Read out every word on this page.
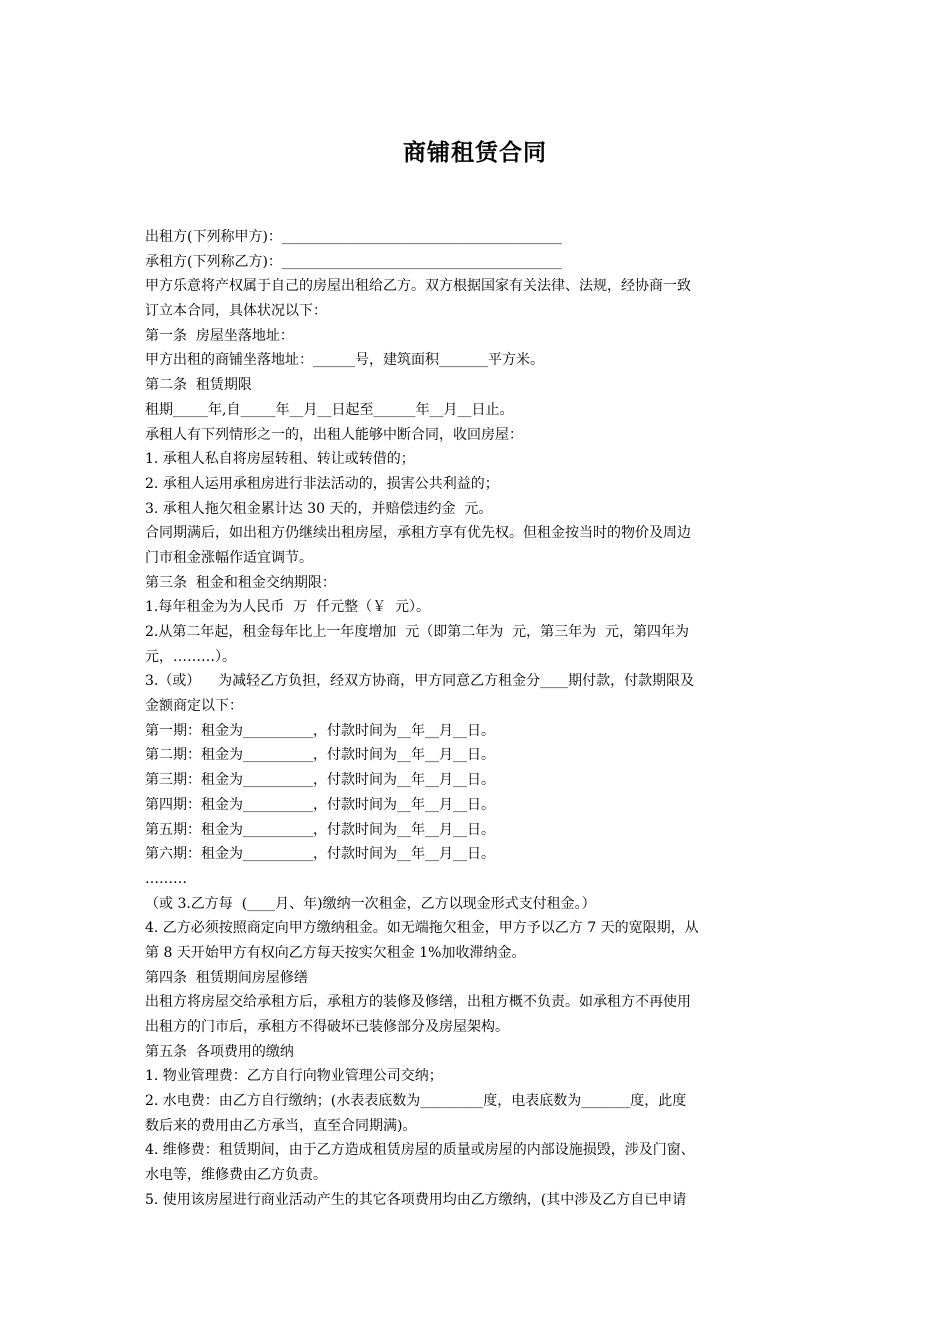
商铺租赁合同
出租方(下列称甲方)：________________________________________
承租方(下列称乙方)：________________________________________
甲方乐意将产权属于自己的房屋出租给乙方。双方根据国家有关法律、法规，经协商一致
订立本合同，具体状况以下：
第一条  房屋坐落地址：
甲方出租的商铺坐落地址：______号，建筑面积_______平方米。
第二条  租赁期限
租期_____年,自_____年__月__日起至______年__月__日止。
承租人有下列情形之一的，出租人能够中断合同，收回房屋：
1. 承租人私自将房屋转租、转让或转借的；
2. 承租人运用承租房进行非法活动的，损害公共利益的；
3. 承租人拖欠租金累计达 30 天的，并赔偿违约金  元。
合同期满后，如出租方仍继续出租房屋，承租方享有优先权。但租金按当时的物价及周边
门市租金涨幅作适宜调节。
第三条  租金和租金交纳期限：
1.每年租金为为人民币  万  仟元整（￥  元）。
2.从第二年起，租金每年比上一年度增加  元（即第二年为  元，第三年为  元，第四年为
元，………）。
3.（或）    为减轻乙方负担，经双方协商，甲方同意乙方租金分____期付款，付款期限及
金额商定以下：
第一期：租金为__________，付款时间为__年__月__日。
第二期：租金为__________，付款时间为__年__月__日。
第三期：租金为__________，付款时间为__年__月__日。
第四期：租金为__________，付款时间为__年__月__日。
第五期：租金为__________，付款时间为__年__月__日。
第六期：租金为__________，付款时间为__年__月__日。
………
（或 3.乙方每  (____月、年)缴纳一次租金，乙方以现金形式支付租金。）
4. 乙方必须按照商定向甲方缴纳租金。如无端拖欠租金，甲方予以乙方 7 天的宽限期，从
第 8 天开始甲方有权向乙方每天按实欠租金 1%加收滞纳金。
第四条  租赁期间房屋修缮
出租方将房屋交给承租方后，承租方的装修及修缮，出租方概不负责。如承租方不再使用
出租方的门市后，承租方不得破坏已装修部分及房屋架构。
第五条  各项费用的缴纳
1. 物业管理费：乙方自行向物业管理公司交纳；
2. 水电费：由乙方自行缴纳；(水表表底数为_________度，电表底数为_______度，此度
数后来的费用由乙方承当，直至合同期满)。
4. 维修费：租赁期间，由于乙方造成租赁房屋的质量或房屋的内部设施损毁，涉及门窗、
水电等，维修费由乙方负责。
5. 使用该房屋进行商业活动产生的其它各项费用均由乙方缴纳，(其中涉及乙方自已申请
